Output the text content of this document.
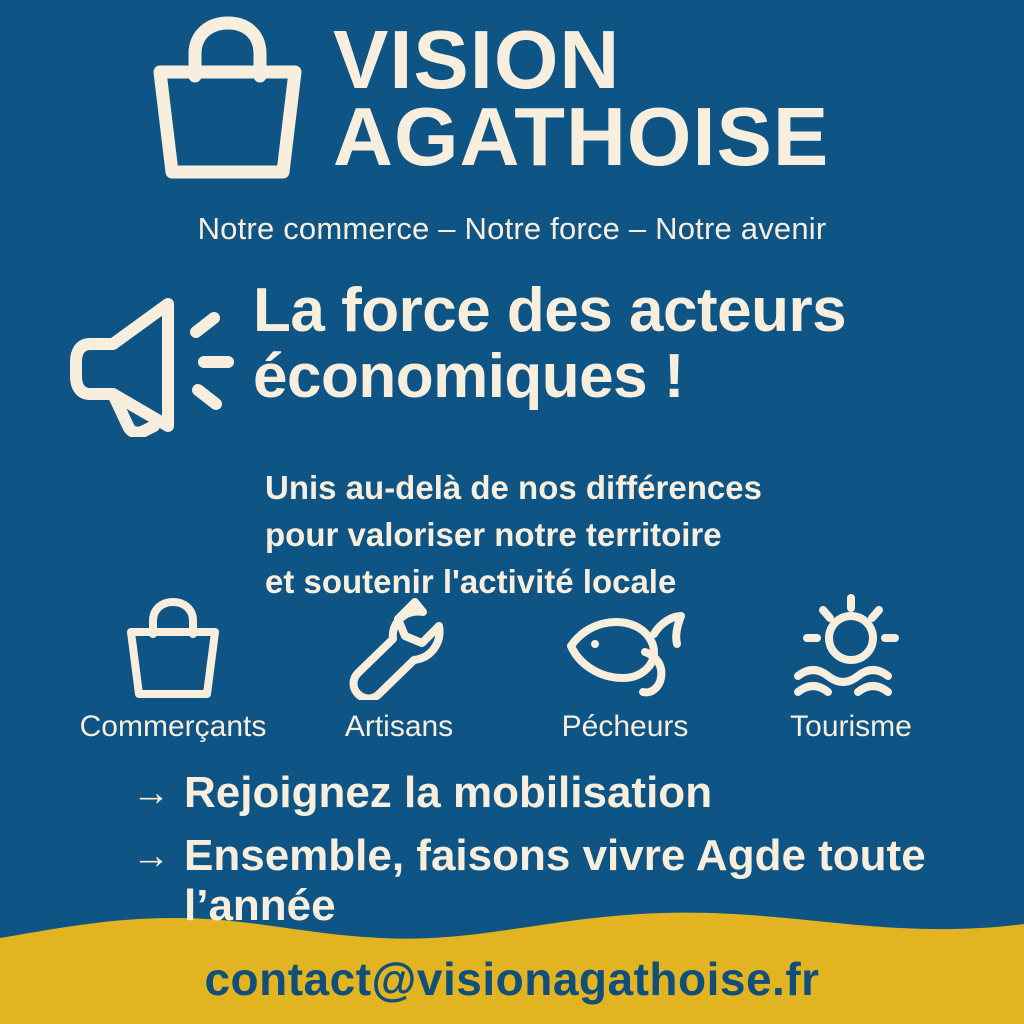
VISION
AGATHOISE
Notre commerce – Notre force – Notre avenir
La force des acteurs
économiques !
Unis au-delà de nos différences
pour valoriser notre territoire
et soutenir l'activité locale
Commerçants	Artisans	Pécheurs	Tourisme
→ Rejoignez la mobilisation
→ Ensemble, faisons vivre Agde toute l’année
contact@visionagathoise.fr
